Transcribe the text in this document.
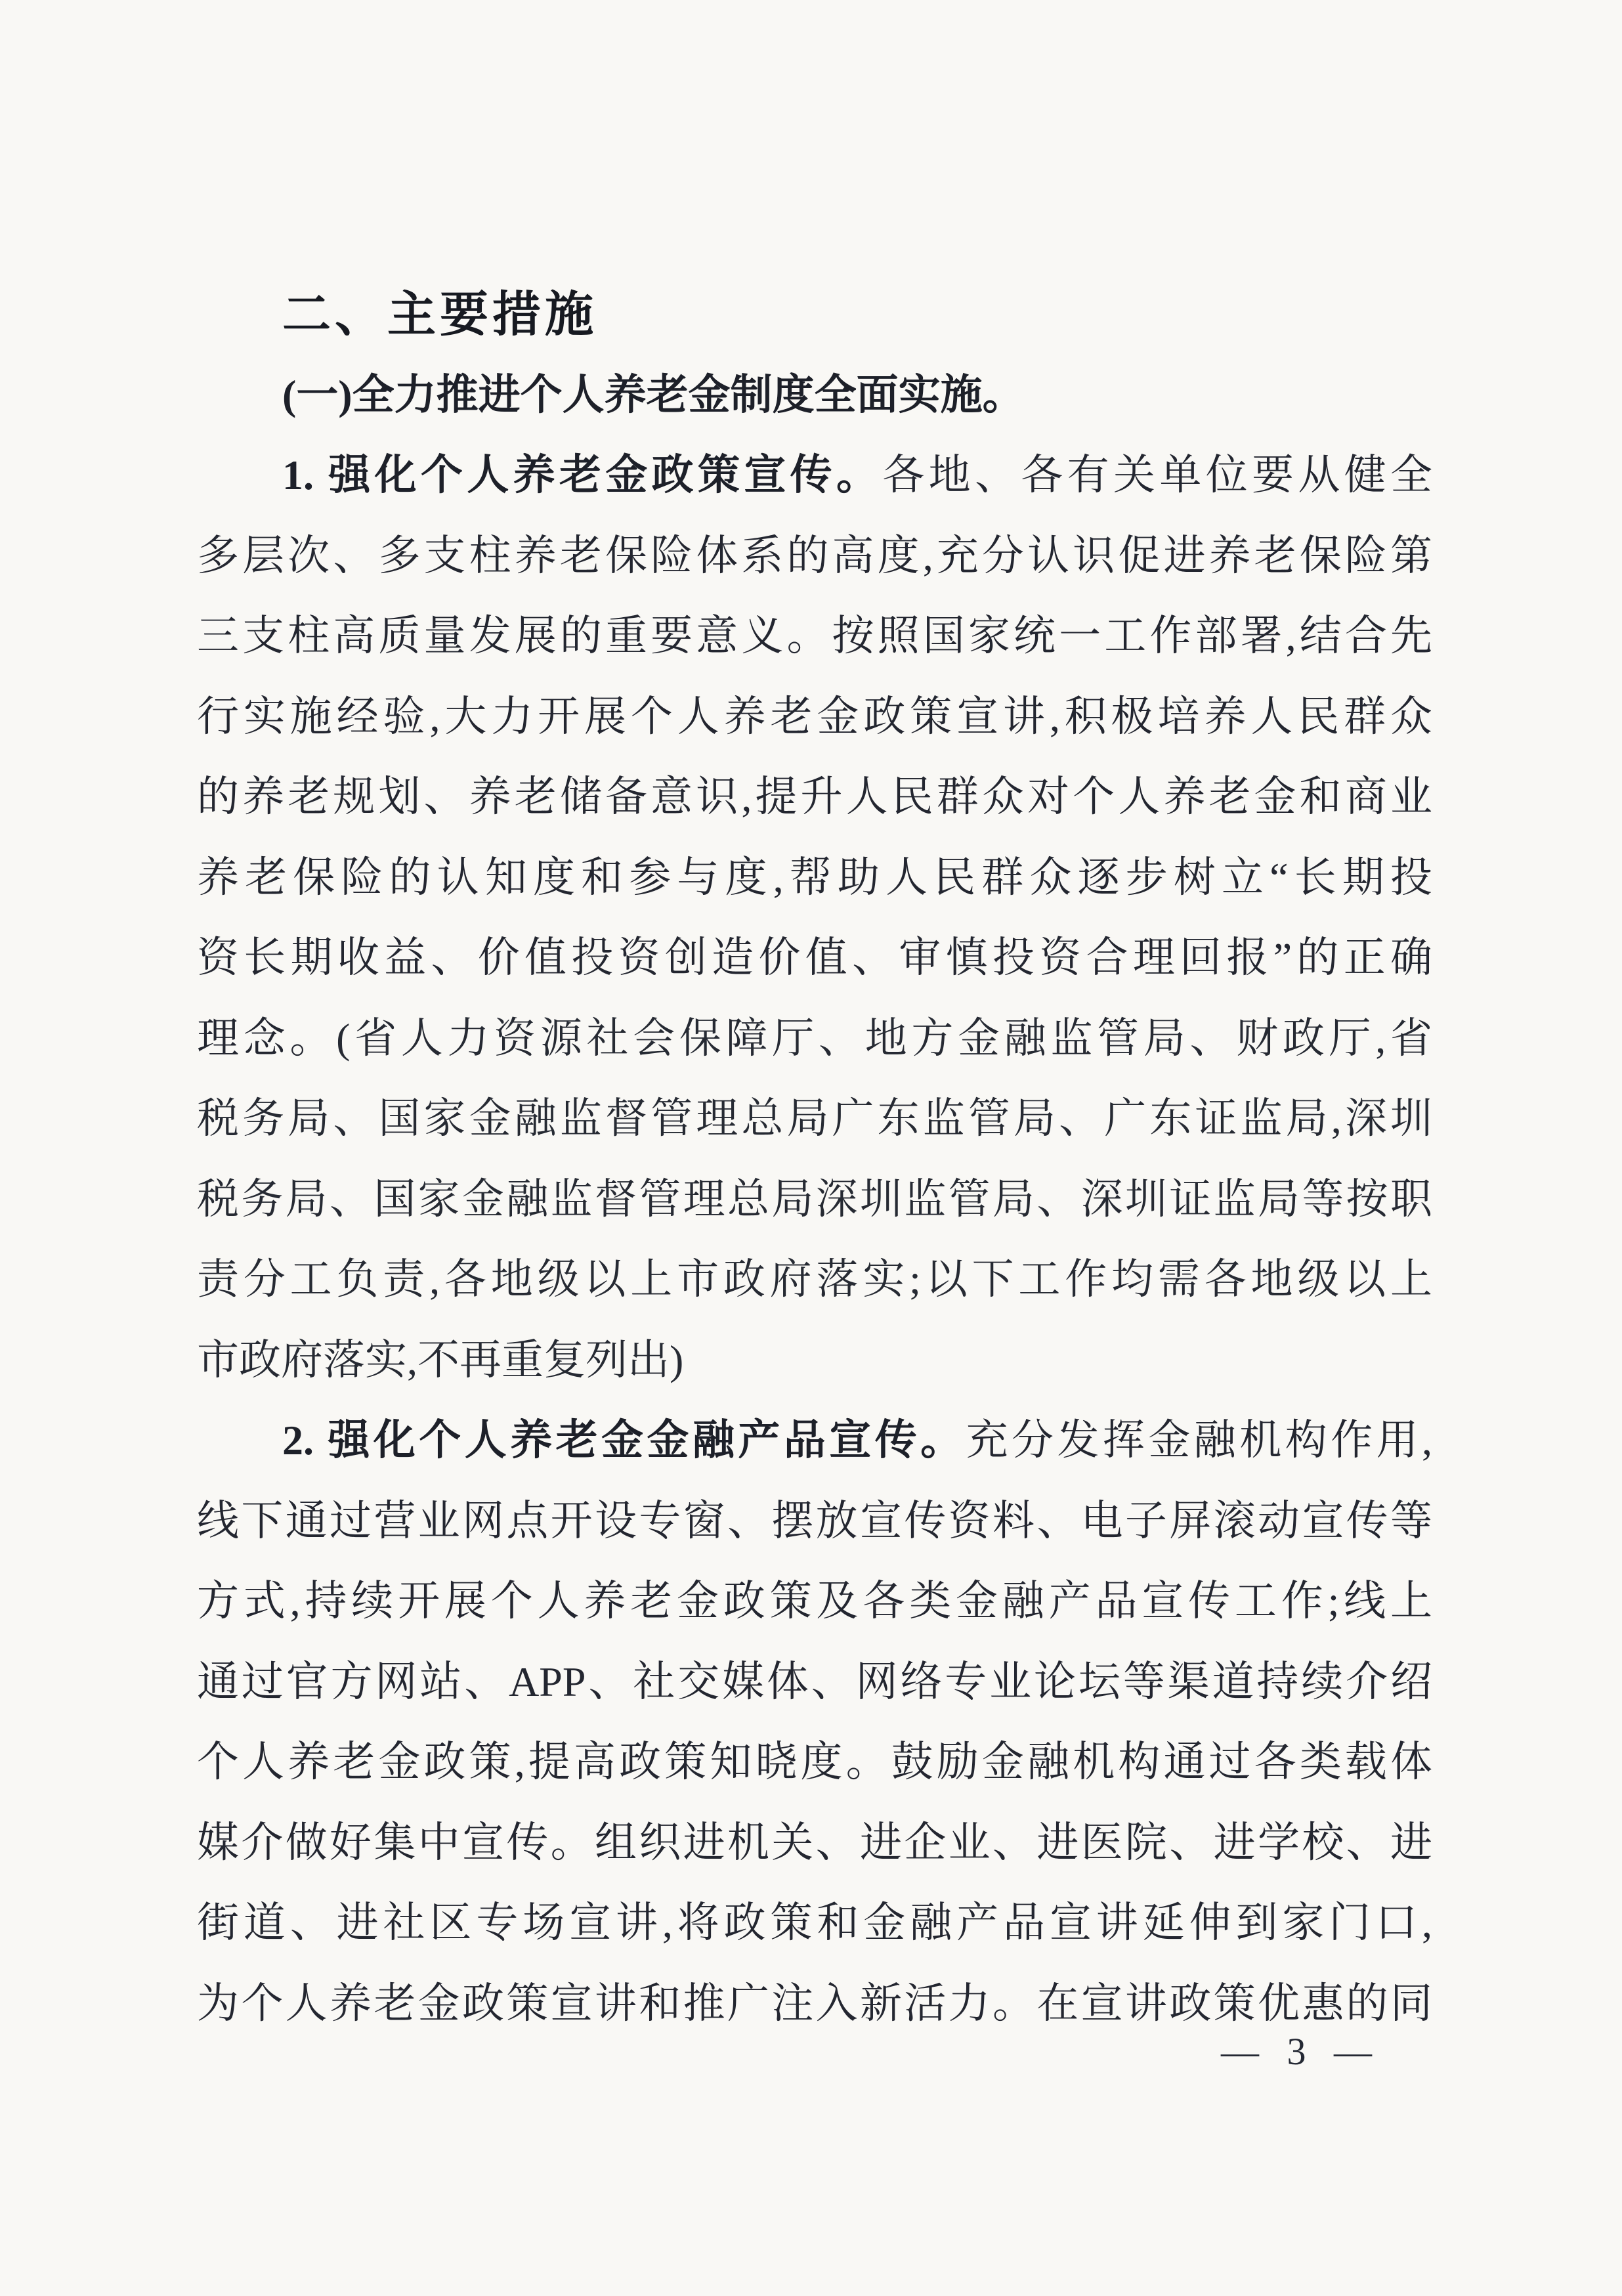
二、主要措施
(一)全力推进个人养老金制度全面实施。
1. 强化个人养老金政策宣传。各地、各有关单位要从健全
多层次、多支柱养老保险体系的高度,充分认识促进养老保险第
三支柱高质量发展的重要意义。按照国家统一工作部署,结合先
行实施经验,大力开展个人养老金政策宣讲,积极培养人民群众
的养老规划、养老储备意识,提升人民群众对个人养老金和商业
养老保险的认知度和参与度,帮助人民群众逐步树立“长期投
资长期收益、价值投资创造价值、审慎投资合理回报”的正确
理念。(省人力资源社会保障厅、地方金融监管局、财政厅,省
税务局、国家金融监督管理总局广东监管局、广东证监局,深圳
税务局、国家金融监督管理总局深圳监管局、深圳证监局等按职
责分工负责,各地级以上市政府落实;以下工作均需各地级以上
市政府落实,不再重复列出)
2. 强化个人养老金金融产品宣传。充分发挥金融机构作用,
线下通过营业网点开设专窗、摆放宣传资料、电子屏滚动宣传等
方式,持续开展个人养老金政策及各类金融产品宣传工作;线上
通过官方网站、APP、社交媒体、网络专业论坛等渠道持续介绍
个人养老金政策,提高政策知晓度。鼓励金融机构通过各类载体
媒介做好集中宣传。组织进机关、进企业、进医院、进学校、进
街道、进社区专场宣讲,将政策和金融产品宣讲延伸到家门口,
为个人养老金政策宣讲和推广注入新活力。在宣讲政策优惠的同
— 3 —
